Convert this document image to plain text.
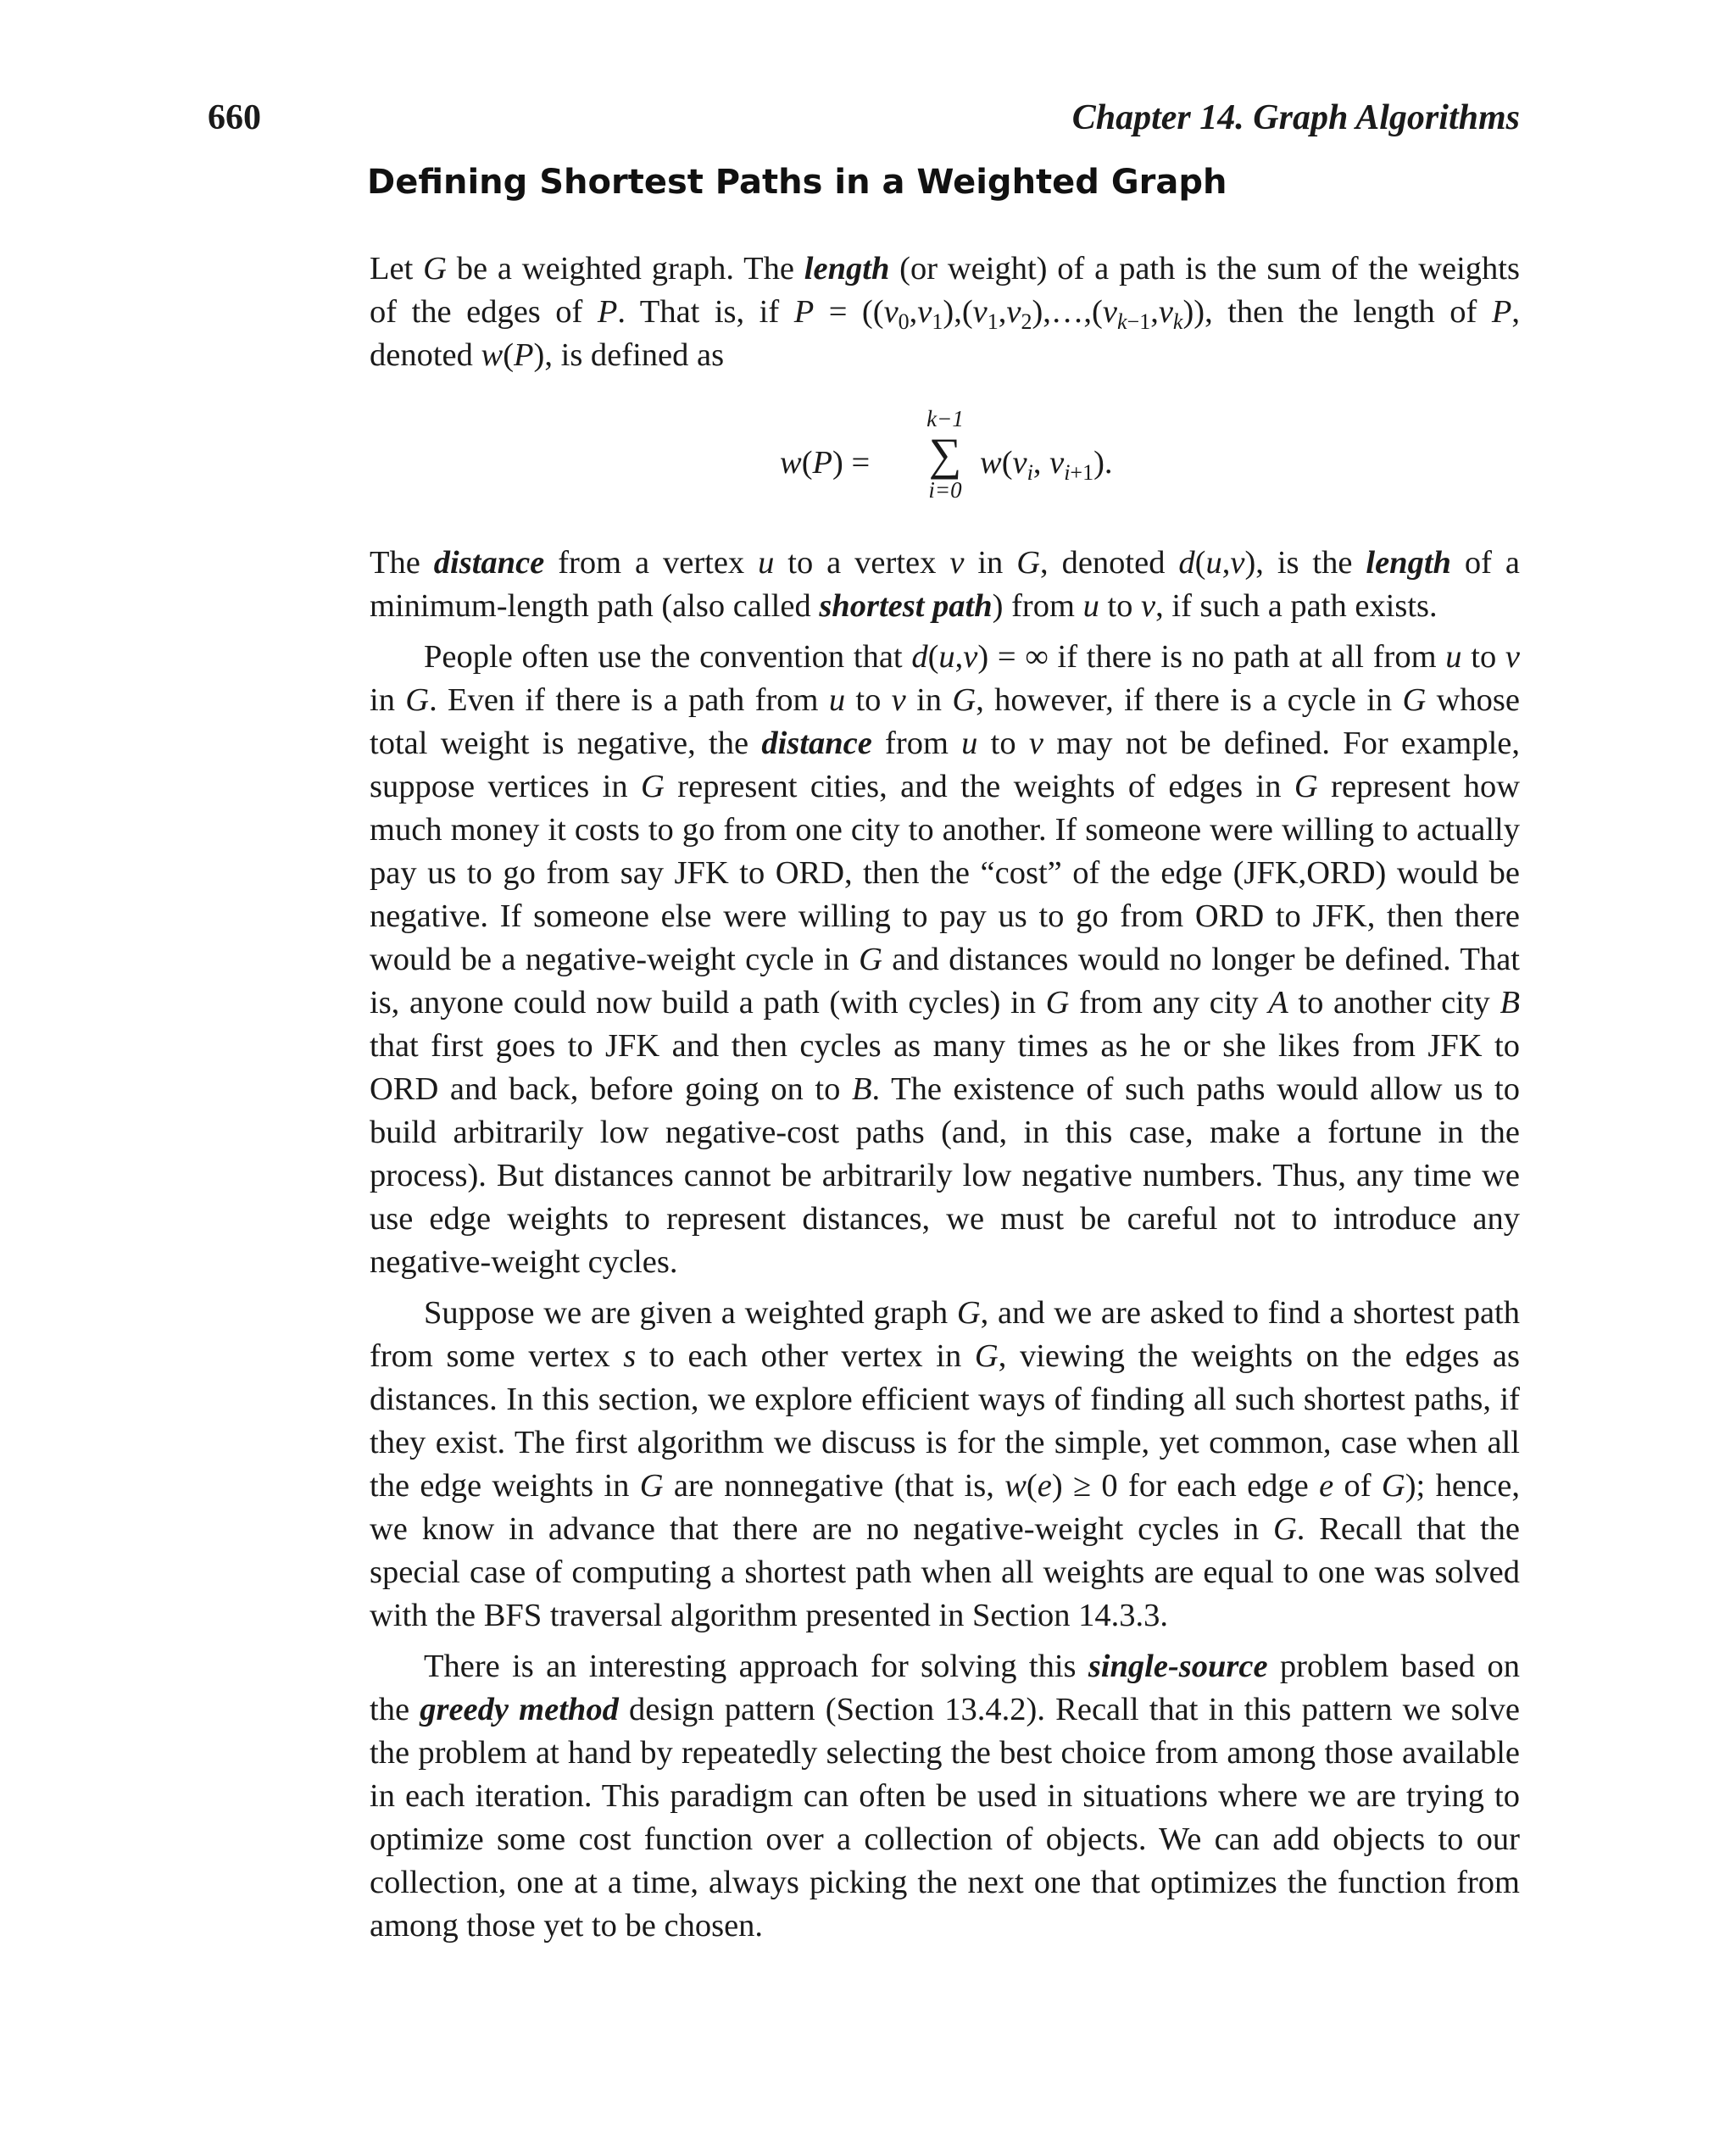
660	Chapter 14. Graph Algorithms
Defining Shortest Paths in a Weighted Graph

Let G be a weighted graph. The length (or weight) of a path is the sum of the weights of the edges of P. That is, if $P = ((v_0,v_1),(v_1,v_2),\dots,(v_{k-1},v_k))$, then the length of P, denoted w(P), is defined as

w(P) =
k−1
∑
i=0
$w(v_i$, $v_{i+1}$).

The distance from a vertex u to a vertex v in G, denoted d(u,v), is the length of a minimum-length path (also called shortest path) from u to v, if such a path exists.

People often use the convention that d(u,v) = ∞ if there is no path at all from u to v in G. Even if there is a path from u to v in G, however, if there is a cycle in G whose total weight is negative, the distance from u to v may not be defined. For example, suppose vertices in G represent cities, and the weights of edges in G represent how much money it costs to go from one city to another. If someone were willing to actually pay us to go from say JFK to ORD, then the “cost” of the edge (JFK,ORD) would be negative. If someone else were willing to pay us to go from ORD to JFK, then there would be a negative-weight cycle in G and distances would no longer be defined. That is, anyone could now build a path (with cycles) in G from any city A to another city B that first goes to JFK and then cycles as many times as he or she likes from JFK to ORD and back, before going on to B. The existence of such paths would allow us to build arbitrarily low negative-cost paths (and, in this case, make a fortune in the process). But distances cannot be arbitrarily low negative numbers. Thus, any time we use edge weights to represent distances, we must be careful not to introduce any negative-weight cycles.

Suppose we are given a weighted graph G, and we are asked to find a shortest path from some vertex s to each other vertex in G, viewing the weights on the edges as distances. In this section, we explore efficient ways of finding all such shortest paths, if they exist. The first algorithm we discuss is for the simple, yet common, case when all the edge weights in G are nonnegative (that is, w(e) ≥ 0 for each edge e of G); hence, we know in advance that there are no negative-weight cycles in G. Recall that the special case of computing a shortest path when all weights are equal to one was solved with the BFS traversal algorithm presented in Section 14.3.3.

There is an interesting approach for solving this single-source problem based on the greedy method design pattern (Section 13.4.2). Recall that in this pattern we solve the problem at hand by repeatedly selecting the best choice from among those available in each iteration. This paradigm can often be used in situations where we are trying to optimize some cost function over a collection of objects. We can add objects to our collection, one at a time, always picking the next one that optimizes the function from among those yet to be chosen.
